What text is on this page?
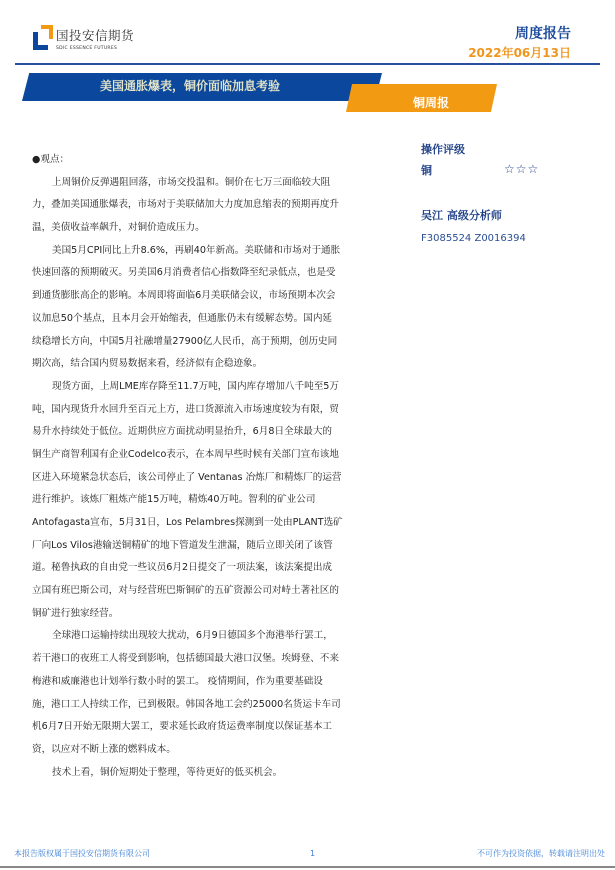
国投安信期货
SDIC ESSENCE FUTURES
周度报告
2022年06月13日
美国通胀爆表，铜价面临加息考验
铜周报
●观点：
上周铜价反弹遇阻回落，市场交投温和。铜价在七万三面临较大阻
力，叠加美国通胀爆表，市场对于美联储加大力度加息缩表的预期再度升
温，美债收益率飙升，对铜价造成压力。
美国5月CPI同比上升8.6%，再刷40年新高。美联储和市场对于通胀
快速回落的预期破灭。另美国6月消费者信心指数降至纪录低点，也是受
到通货膨胀高企的影响。本周即将面临6月美联储会议，市场预期本次会
议加息50个基点，且本月会开始缩表，但通胀仍未有缓解态势。国内延
续稳增长方向，中国5月社融增量27900亿人民币，高于预期，创历史同
期次高，结合国内贸易数据来看，经济似有企稳迹象。
现货方面，上周LME库存降至11.7万吨，国内库存增加八千吨至5万
吨，国内现货升水回升至百元上方，进口货源流入市场速度较为有限，贸
易升水持续处于低位。近期供应方面扰动明显抬升，6月8日全球最大的
铜生产商智利国有企业Codelco表示，在本周早些时候有关部门宣布该地
区进入环境紧急状态后，该公司停止了 Ventanas 冶炼厂和精炼厂的运营
进行维护。该炼厂粗炼产能15万吨，精炼40万吨。智利的矿业公司
Antofagasta宣布，5月31日，Los Pelambres探测到一处由PLANT选矿
厂向Los Vilos港输送铜精矿的地下管道发生泄漏，随后立即关闭了该管
道。秘鲁执政的自由党一些议员6月2日提交了一项法案，该法案提出成
立国有班巴斯公司，对与经营班巴斯铜矿的五矿资源公司对峙土著社区的
铜矿进行独家经营。
全球港口运输持续出现较大扰动，6月9日德国多个海港举行罢工，
若干港口的夜班工人将受到影响，包括德国最大港口汉堡。埃姆登、不来
梅港和威廉港也计划举行数小时的罢工。 疫情期间，作为重要基础设
施，港口工人持续工作，已到极限。韩国各地工会约25000名货运卡车司
机6月7日开始无限期大罢工，要求延长政府货运费率制度以保证基本工
资，以应对不断上涨的燃料成本。
技术上看，铜价短期处于整理，等待更好的低买机会。
操作评级
铜	☆☆☆
吴江 高级分析师
F3085524 Z0016394
本报告版权属于国投安信期货有限公司	1	不可作为投资依据，转载请注明出处
